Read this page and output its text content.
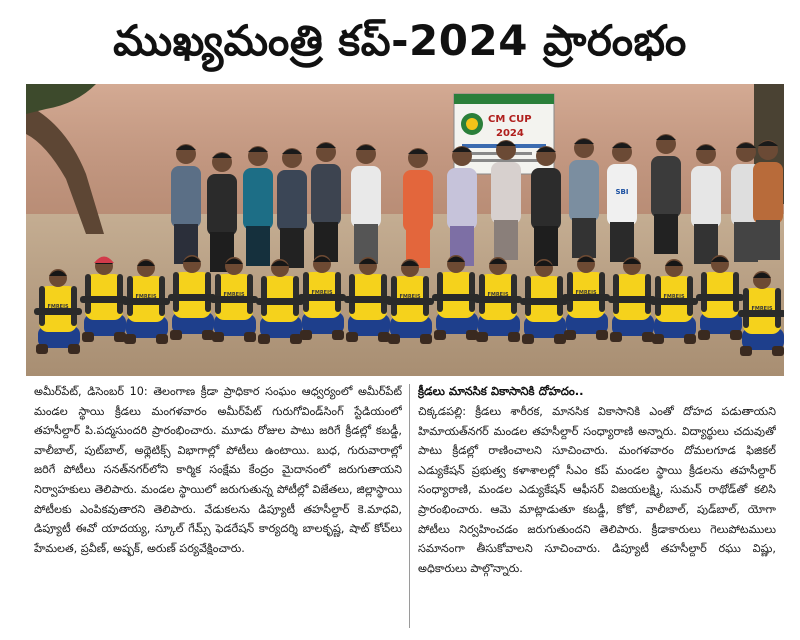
ముఖ్యమంత్రి కప్-2024 ప్రారంభం
CM CUP
2024
SBI
FMREIS
FMREIS	FMREIS	FMREIS
FMREIS	FMREIS	FMREIS
FMREIS
FMREIS

అమీర్‌పేట్, డిసెంబర్ 10: తెలంగాణ క్రీడా ప్రాధికార సంఘం ఆధ్వర్యంలో అమీర్‌పేట్ మండల స్థాయి క్రీడలు మంగళవారం అమీర్‌పేట్ గురుగోవిండ్‌సింగ్ స్టేడియంలో తహసీల్దార్ పి.పద్మసుందరి ప్రారంభించారు. మూడు రోజుల పాటు జరిగే క్రీడల్లో కబడ్డీ, వాలీబాల్, పుట్‌బాల్, అథ్లెటిక్స్ విభాగాల్లో పోటీలు ఉంటాయి. బుధ, గురువారాల్లో జరిగే పోటీలు సనత్‌నగర్‌లోని కార్మిక సంక్షేమ కేంద్రం మైదానంలో జరుగుతాయని నిర్వాహకులు తెలిపారు. మండల స్థాయిలో జరుగుతున్న పోటీల్లో విజేతలు, జిల్లాస్థాయి పోటీలకు ఎంపికవుతారని తెలిపారు. వేడుకలను డిప్యూటీ తహసీల్దార్ కె.మాధవి, డిప్యూటీ ఈవో యాదయ్య, స్కూల్ గేమ్స్ ఫెడరేషన్ కార్యదర్శి బాలకృష్ణ, షాట్ కోచ్‌లు హేమలత, ప్రవీణ్, అష్ఫక్, అరుణ్ పర్యవేక్షించారు.

క్రీడలు మానసిక వికాసానికి దోహదం..

చిక్కడపల్లి: క్రీడలు శారీరక, మానసిక వికాసానికి ఎంతో దోహద పడుతాయని హిమాయత్‌నగర్ మండల తహసీల్దార్ సంధ్యారాణి అన్నారు. విద్యార్థులు చదువుతో పాటు క్రీడల్లో రాణించాలని సూచించారు. మంగళవారం దోమలగూడ ఫిజికల్ ఎడ్యుకేషన్ ప్రభుత్వ కళాశాలల్లో సీఎం కప్ మండల స్థాయి క్రీడలను తహసీల్దార్ సంధ్యారాణి, మండల ఎడ్యుకేషన్ ఆఫీసర్ విజయలక్ష్మి, సుమన్ రాథోడ్‌తో కలిసి ప్రారంభించారు. ఆమె మాట్లాడుతూ కబడ్డీ, కోకో, వాలీబాల్, పుడ్‌బాల్, యోగా పోటీలు నిర్వహించడం జరుగుతుందని తెలిపారు. క్రీడాకారులు గెలుపోటములు సమానంగా తీసుకోవాలని సూచించారు. డిప్యూటీ తహసీల్దార్ రఘు విష్ణు, అధికారులు పాల్గొన్నారు.
